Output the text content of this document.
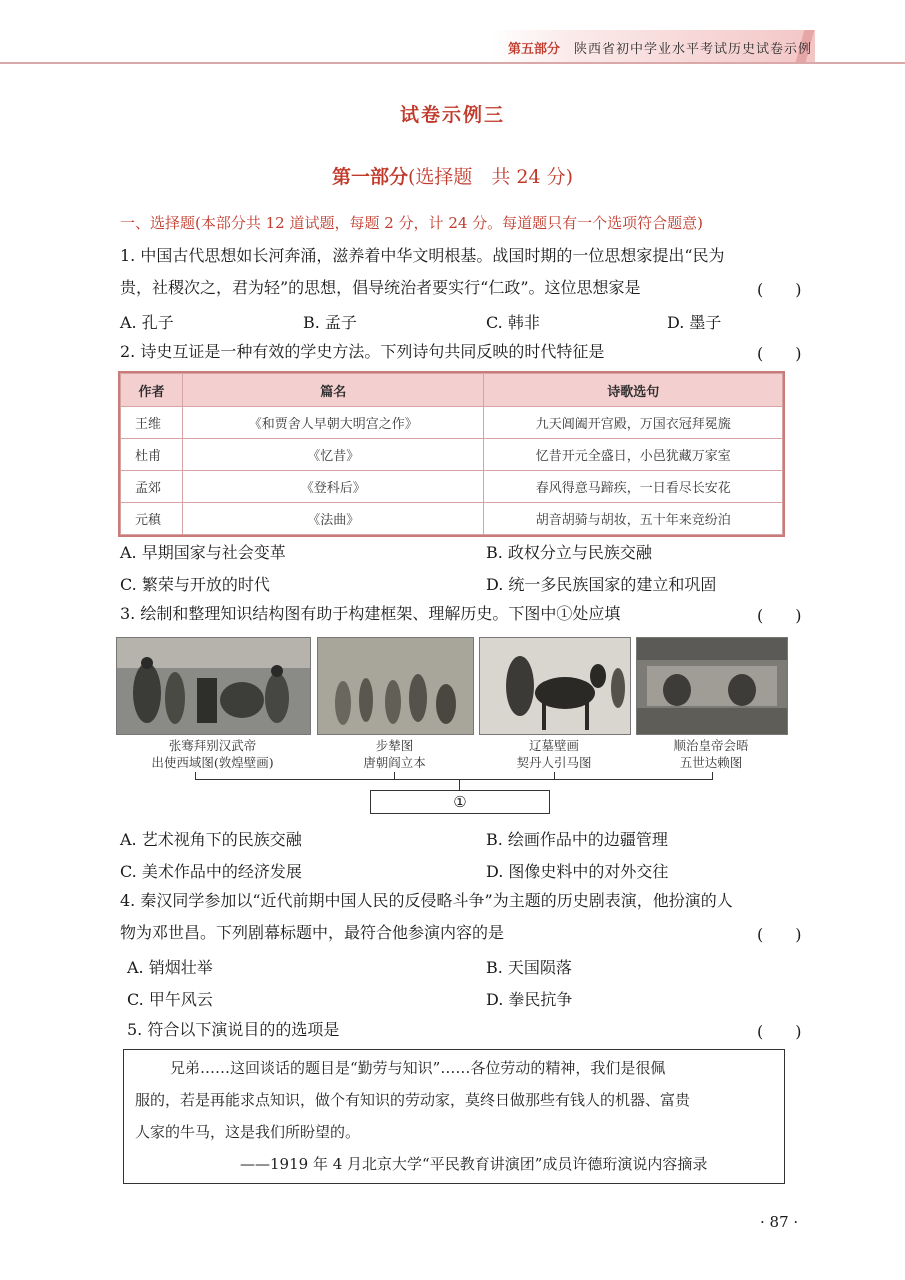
第五部分 陕西省初中学业水平考试历史试卷示例
试卷示例三
第一部分(选择题　共 24 分)
一、选择题(本部分共 12 道试题，每题 2 分，计 24 分。每道题只有一个选项符合题意)
1. 中国古代思想如长河奔涌，滋养着中华文明根基。战国时期的一位思想家提出“民为
贵，社稷次之，君为轻”的思想，倡导统治者要实行“仁政”。这位思想家是	(　　)
A. 孔子	B. 孟子	C. 韩非	D. 墨子
2. 诗史互证是一种有效的学史方法。下列诗句共同反映的时代特征是	(　　)
作者	篇名	诗歌选句
王维	《和贾舍人早朝大明宫之作》	九天阊阖开宫殿，万国衣冠拜冕旒
杜甫	《忆昔》	忆昔开元全盛日，小邑犹藏万家室
孟郊	《登科后》	春风得意马蹄疾，一日看尽长安花
元稹	《法曲》	胡音胡骑与胡妆，五十年来竞纷泊
A. 早期国家与社会变革	B. 政权分立与民族交融
C. 繁荣与开放的时代	D. 统一多民族国家的建立和巩固
3. 绘制和整理知识结构图有助于构建框架、理解历史。下图中①处应填	(　　)
张骞拜别汉武帝
出使西域图(敦煌壁画)
步辇图
唐朝阎立本
辽墓壁画
契丹人引马图
顺治皇帝会晤
五世达赖图
①
A. 艺术视角下的民族交融	B. 绘画作品中的边疆管理
C. 美术作品中的经济发展	D. 图像史料中的对外交往
4. 秦汉同学参加以“近代前期中国人民的反侵略斗争”为主题的历史剧表演，他扮演的人
物为邓世昌。下列剧幕标题中，最符合他参演内容的是	(　　)
A. 销烟壮举	B. 天国陨落
C. 甲午风云	D. 拳民抗争
5. 符合以下演说目的的选项是	(　　)
兄弟……这回谈话的题目是“勤劳与知识”……各位劳动的精神，我们是很佩
服的，若是再能求点知识，做个有知识的劳动家，莫终日做那些有钱人的机器、富贵
人家的牛马，这是我们所盼望的。
——1919 年 4 月北京大学“平民教育讲演团”成员许德珩演说内容摘录
· 87 ·
